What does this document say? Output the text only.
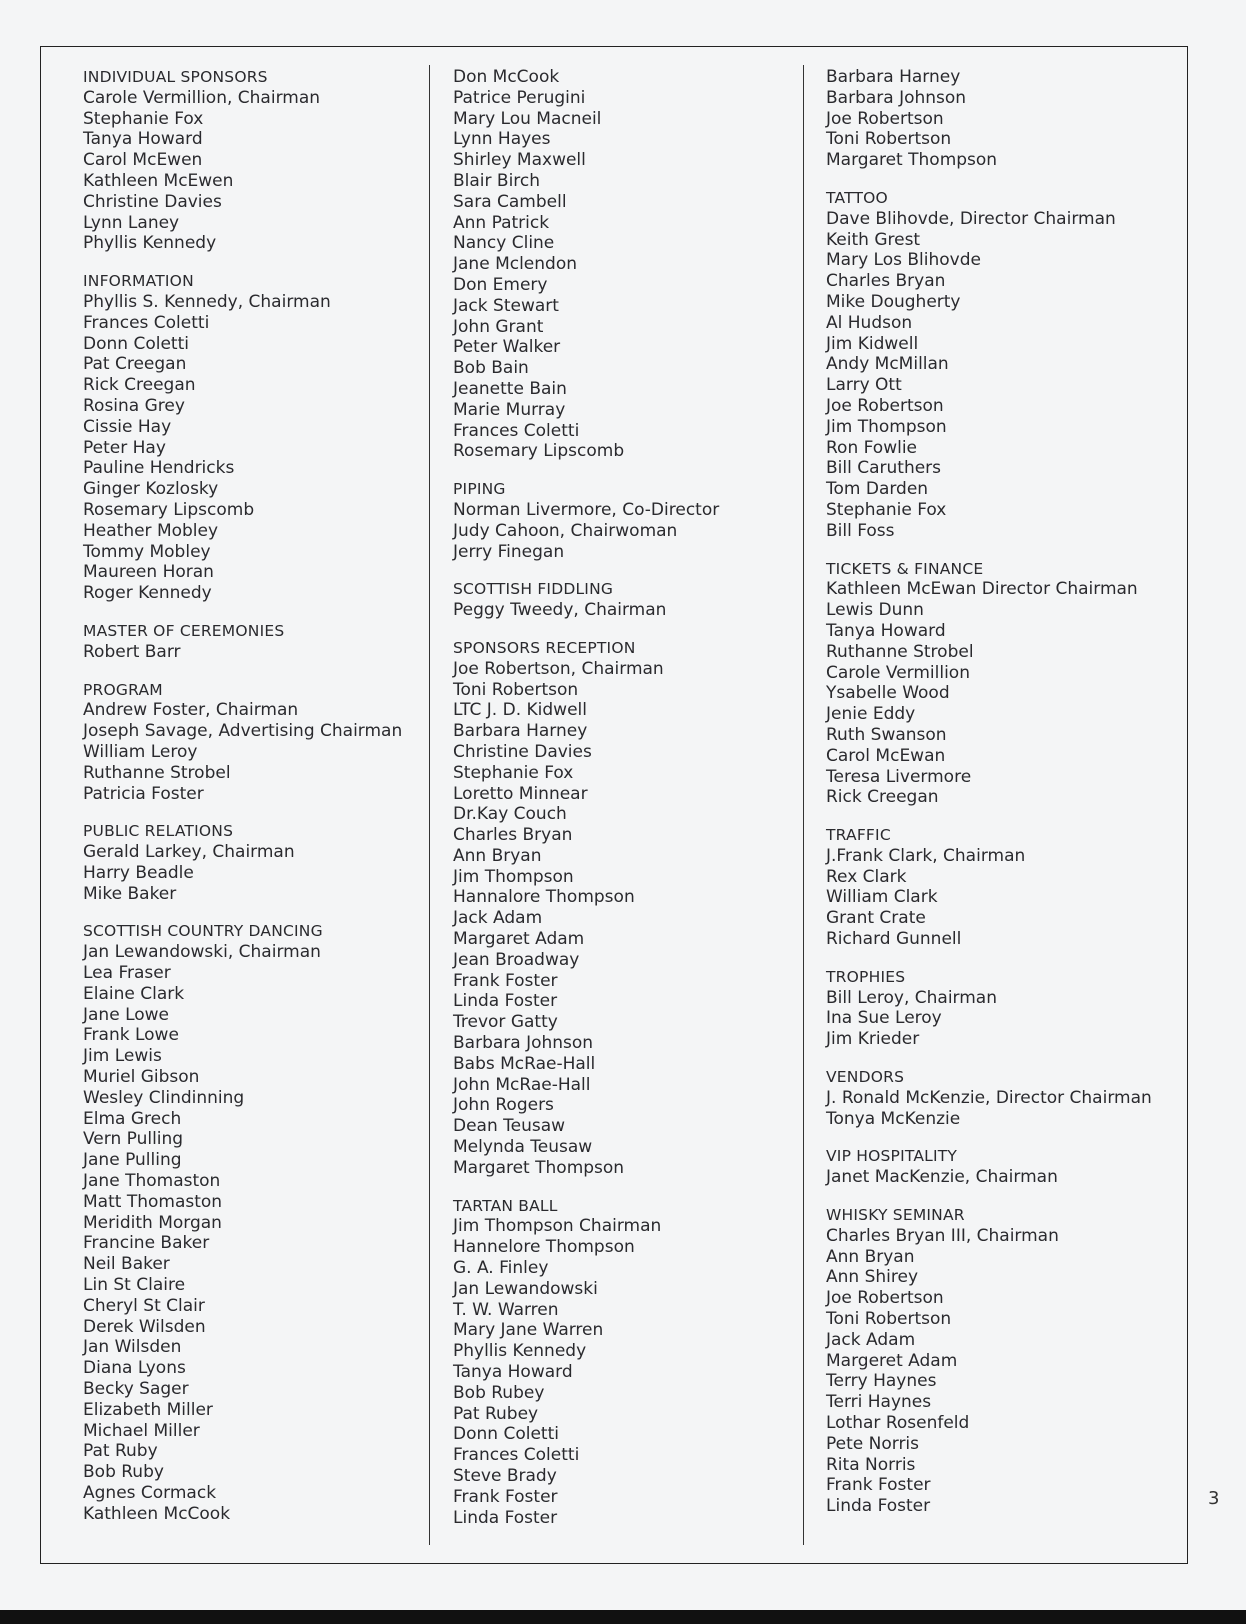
INDIVIDUAL SPONSORS
Carole Vermillion, Chairman
Stephanie Fox
Tanya Howard
Carol McEwen
Kathleen McEwen
Christine Davies
Lynn Laney
Phyllis Kennedy
INFORMATION
Phyllis S. Kennedy, Chairman
Frances Coletti
Donn Coletti
Pat Creegan
Rick Creegan
Rosina Grey
Cissie Hay
Peter Hay
Pauline Hendricks
Ginger Kozlosky
Rosemary Lipscomb
Heather Mobley
Tommy Mobley
Maureen Horan
Roger Kennedy
MASTER OF CEREMONIES
Robert Barr
PROGRAM
Andrew Foster, Chairman
Joseph Savage, Advertising Chairman
William Leroy
Ruthanne Strobel
Patricia Foster
PUBLIC RELATIONS
Gerald Larkey, Chairman
Harry Beadle
Mike Baker
SCOTTISH COUNTRY DANCING
Jan Lewandowski, Chairman
Lea Fraser
Elaine Clark
Jane Lowe
Frank Lowe
Jim Lewis
Muriel Gibson
Wesley Clindinning
Elma Grech
Vern Pulling
Jane Pulling
Jane Thomaston
Matt Thomaston
Meridith Morgan
Francine Baker
Neil Baker
Lin St Claire
Cheryl St Clair
Derek Wilsden
Jan Wilsden
Diana Lyons
Becky Sager
Elizabeth Miller
Michael Miller
Pat Ruby
Bob Ruby
Agnes Cormack
Kathleen McCook
Don McCook
Patrice Perugini
Mary Lou Macneil
Lynn Hayes
Shirley Maxwell
Blair Birch
Sara Cambell
Ann Patrick
Nancy Cline
Jane Mclendon
Don Emery
Jack Stewart
John Grant
Peter Walker
Bob Bain
Jeanette Bain
Marie Murray
Frances Coletti
Rosemary Lipscomb
PIPING
Norman Livermore, Co-Director
Judy Cahoon, Chairwoman
Jerry Finegan
SCOTTISH FIDDLING
Peggy Tweedy, Chairman
SPONSORS RECEPTION
Joe Robertson, Chairman
Toni Robertson
LTC J. D. Kidwell
Barbara Harney
Christine Davies
Stephanie Fox
Loretto Minnear
Dr.Kay Couch
Charles Bryan
Ann Bryan
Jim Thompson
Hannalore Thompson
Jack Adam
Margaret Adam
Jean Broadway
Frank Foster
Linda Foster
Trevor Gatty
Barbara Johnson
Babs McRae-Hall
John McRae-Hall
John Rogers
Dean Teusaw
Melynda Teusaw
Margaret Thompson
TARTAN BALL
Jim Thompson Chairman
Hannelore Thompson
G. A. Finley
Jan Lewandowski
T. W. Warren
Mary Jane Warren
Phyllis Kennedy
Tanya Howard
Bob Rubey
Pat Rubey
Donn Coletti
Frances Coletti
Steve Brady
Frank Foster
Linda Foster
Barbara Harney
Barbara Johnson
Joe Robertson
Toni Robertson
Margaret Thompson
TATTOO
Dave Blihovde, Director Chairman
Keith Grest
Mary Los Blihovde
Charles Bryan
Mike Dougherty
Al Hudson
Jim Kidwell
Andy McMillan
Larry Ott
Joe Robertson
Jim Thompson
Ron Fowlie
Bill Caruthers
Tom Darden
Stephanie Fox
Bill Foss
TICKETS & FINANCE
Kathleen McEwan Director Chairman
Lewis Dunn
Tanya Howard
Ruthanne Strobel
Carole Vermillion
Ysabelle Wood
Jenie Eddy
Ruth Swanson
Carol McEwan
Teresa Livermore
Rick Creegan
TRAFFIC
J.Frank Clark, Chairman
Rex Clark
William Clark
Grant Crate
Richard Gunnell
TROPHIES
Bill Leroy, Chairman
Ina Sue Leroy
Jim Krieder
VENDORS
J. Ronald McKenzie, Director Chairman
Tonya McKenzie
VIP HOSPITALITY
Janet MacKenzie, Chairman
WHISKY SEMINAR
Charles Bryan III, Chairman
Ann Bryan
Ann Shirey
Joe Robertson
Toni Robertson
Jack Adam
Margeret Adam
Terry Haynes
Terri Haynes
Lothar Rosenfeld
Pete Norris
Rita Norris
Frank Foster
Linda Foster	3
